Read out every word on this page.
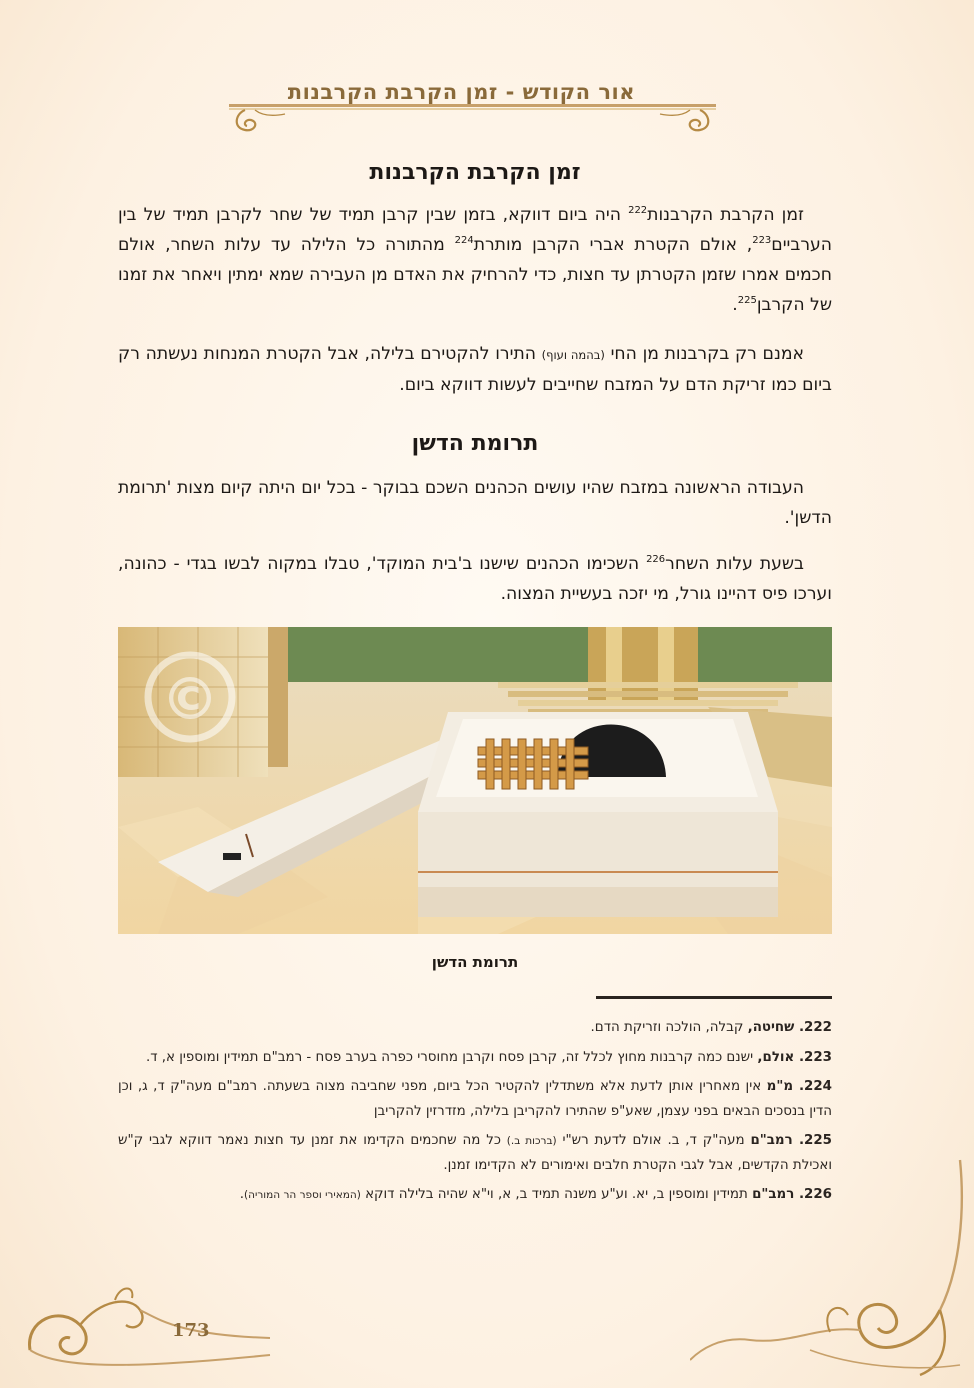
אור הקודש - זמן הקרבת הקרבנות
זמן הקרבת הקרבנות
זמן הקרבת הקרבנות$^{222}$ היה ביום דווקא, בזמן שבין קרבן תמיד של שחר לקרבן תמיד של בין הערביים$^{223}$, אולם הקטרת אברי הקרבן מותרת$^{224}$ מהתורה כל הלילה עד עלות השחר, אולם חכמים אמרו שזמן הקטרתן עד חצות, כדי להרחיק את האדם מן העבירה שמא ימתין ויאחר את זמנו של הקרבן$^{225}$.
אמנם רק בקרבנות מן החי (בהמה ועוף) התירו להקטירם בלילה, אבל הקטרת המנחות נעשתה רק ביום כמו זריקת הדם על המזבח שחייבים לעשות דווקא ביום.
תרומת הדשן
העבודה הראשונה במזבח שהיו עושים הכהנים השכם בבוקר - בכל יום היתה קיום מצות 'תרומת הדשן'.
בשעת עלות השחר$^{226}$ השכימו הכהנים שישנו ב'בית המוקד', טבלו במקוה לבשו בגדי - כהונה, וערכו פיס דהיינו גורל, מי יזכה בעשיית המצוה.
©
תרומת הדשן
222. שחיטה, קבלה, הולכה וזריקת הדם.
223. אולם, ישנם כמה קרבנות מחוץ לכלל זה, קרבן פסח וקרבן מחוסרי כפרה בערב פסח - רמב"ם תמידין ומוספין א, ד.
224. מ"מ אין מאחרין אותן לדעת אלא משתדלין להקטיר הכל ביום, מפני שחביבה מצוה בשעתה. רמב"ם מעה"ק ד, ג, וכן הדין בנסכים הבאים בפני עצמן, שאע"פ שהתירו להקריבן בלילה, מזדרזין להקריבן
225. רמב"ם מעה"ק ד, ב. אולם לדעת רש"י (ברכות ב.) כל מה שחכמים הקדימו את זמנן עד חצות נאמר דווקא לגבי ק"ש ואכילת הקדשים, אבל לגבי הקטרת חלבים ואימורים לא הקדימו זמנן.
226. רמב"ם תמידין ומוספין ב, יא. וע"ע משנה תמיד ב, א, וי"א שהיה בלילה דוקא (המאירי וספר הר המוריה).
173
